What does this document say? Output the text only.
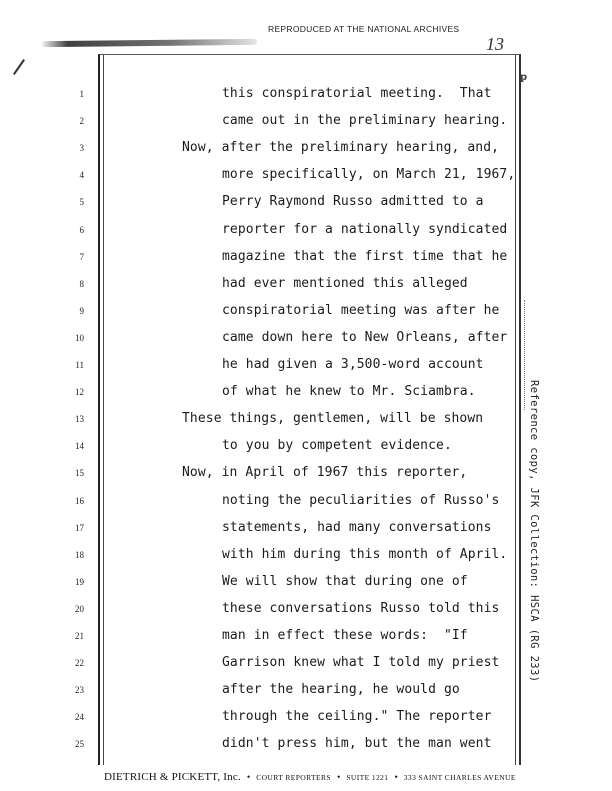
REPRODUCED AT THE NATIONAL ARCHIVES
13
ꝑ
1	this conspiratorial meeting.  That
2	came out in the preliminary hearing.
3	Now, after the preliminary hearing, and,
4	more specifically, on March 21, 1967,
5	Perry Raymond Russo admitted to a
6	reporter for a nationally syndicated
7	magazine that the first time that he
8	had ever mentioned this alleged
9	conspiratorial meeting was after he
10	came down here to New Orleans, after
11	he had given a 3,500-word account
12	of what he knew to Mr. Sciambra.
13	These things, gentlemen, will be shown
14	to you by competent evidence.
15	Now, in April of 1967 this reporter,
16	noting the peculiarities of Russo's
17	statements, had many conversations
18	with him during this month of April.
19	We will show that during one of
20	these conversations Russo told this
21	man in effect these words:  "If
22	Garrison knew what I told my priest
23	after the hearing, he would go
24	through the ceiling." The reporter
25	didn't press him, but the man went
Reference copy, JFK Collection: HSCA (RG 233)
DIETRICH & PICKETT, Inc. • COURT REPORTERS • SUITE 1221 • 333 SAINT CHARLES AVENUE
